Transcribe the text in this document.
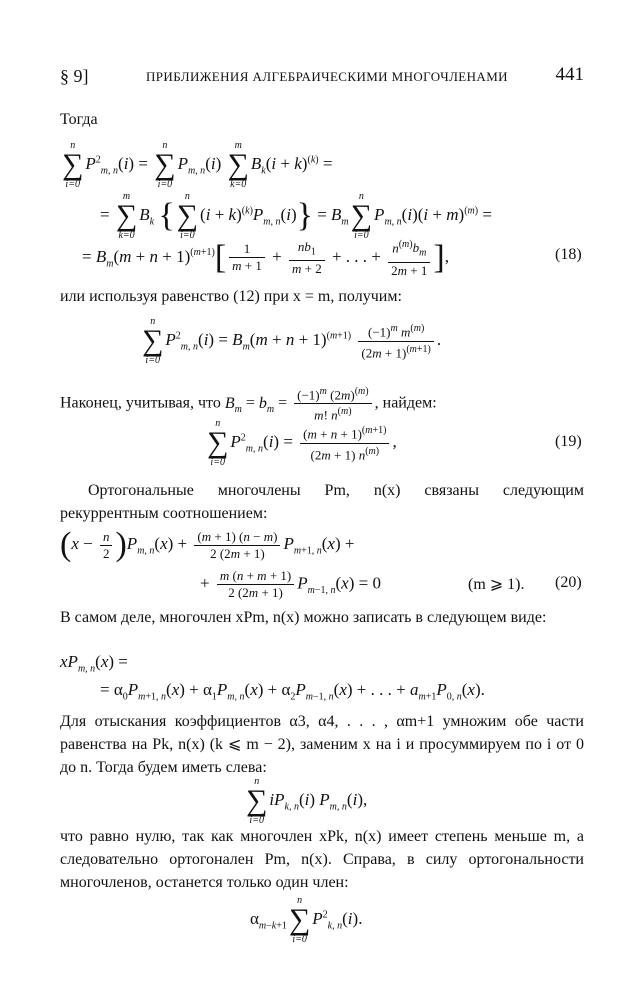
§ 9]	ПРИБЛИЖЕНИЯ АЛГЕБРАИЧЕСКИМИ МНОГОЧЛЕНАМИ	441
Тогда
n
∑
i=0
$P^2_{m, n}(i)$ =
n
∑
i=0
$P_{m, n}(i)$
m
∑
k=0
$B_k(i + k)^{(k)}$ =
=
m
∑
k=0
$B_k$ {
n
∑
i=0
$(i + k)^{(k)}P_{m, n}(i)\} = B_m$
n
∑
i=0
$P_{m, n}(i)(i + m)^{(m)}$ =
= $B_m(m + n + 1)^{(m+1)}[ \frac{1}{m + 1} + \frac{nb_1}{m + 2}$ + . . . + $\frac{n^{(m)}b_m}{2m + 1}$ ],	(18)
или используя равенство (12) при x = m, получим:
n
∑
i=0
$P^2_{m, n}(i) = B_m(m + n + 1)^{(m+1)} \frac{(-1)^m m^{(m)}}{(2m + 1)^{(m+1)}}$ .
Наконец, учитывая, что $B_m = b_m = \frac{(-1)^m (2m)^{(m)}}{m! n^{(m)}}$ , найдем:
n
∑
i=0
$P^2_{m, n}(i) = \frac{(m + n + 1)^{(m+1)}}{(2m + 1) n^{(m)}}$ ,	(19)
Ортогональные многочлены Pm, n(x) связаны следующим рекуррентным соотношением:
$(x - \frac{n}{2} )P_{m, n}(x) + \frac{(m + 1) (n - m)}{2 (2m + 1)} P_{m+1, n}(x)$ +
+ $\frac{m (n + m + 1)}{2 (2m + 1)} P_{m-1, n}(x) = 0$	(m ⩾ 1). (20)
В самом деле, многочлен xPm, n(x) можно записать в следующем виде:
$xP_{m, n}(x)$ =
= $\alpha_0P_{m+1, n}(x) + \alpha_1P_{m, n}(x) + \alpha_2P_{m-1, n}(x)$ + . . . + $a_{m+1}P_{0, n}(x)$.
Для отыскания коэффициентов α3, α4, . . . , αm+1 умножим обе части равенства на Pk, n(x) (k ⩽ m − 2), заменим x на i и просуммируем по i от 0 до n. Тогда будем иметь слева:
n
∑
i=0
$iP_{k, n}(i)$ $P_{m, n}(i)$,
что равно нулю, так как многочлен xPk, n(x) имеет степень меньше m, а следовательно ортогонален Pm, n(x). Справа, в силу ортогональности многочленов, останется только один член:
$\alpha_{m-k+1}$
n
∑
i=0
$P^2_{k, n}(i)$.
